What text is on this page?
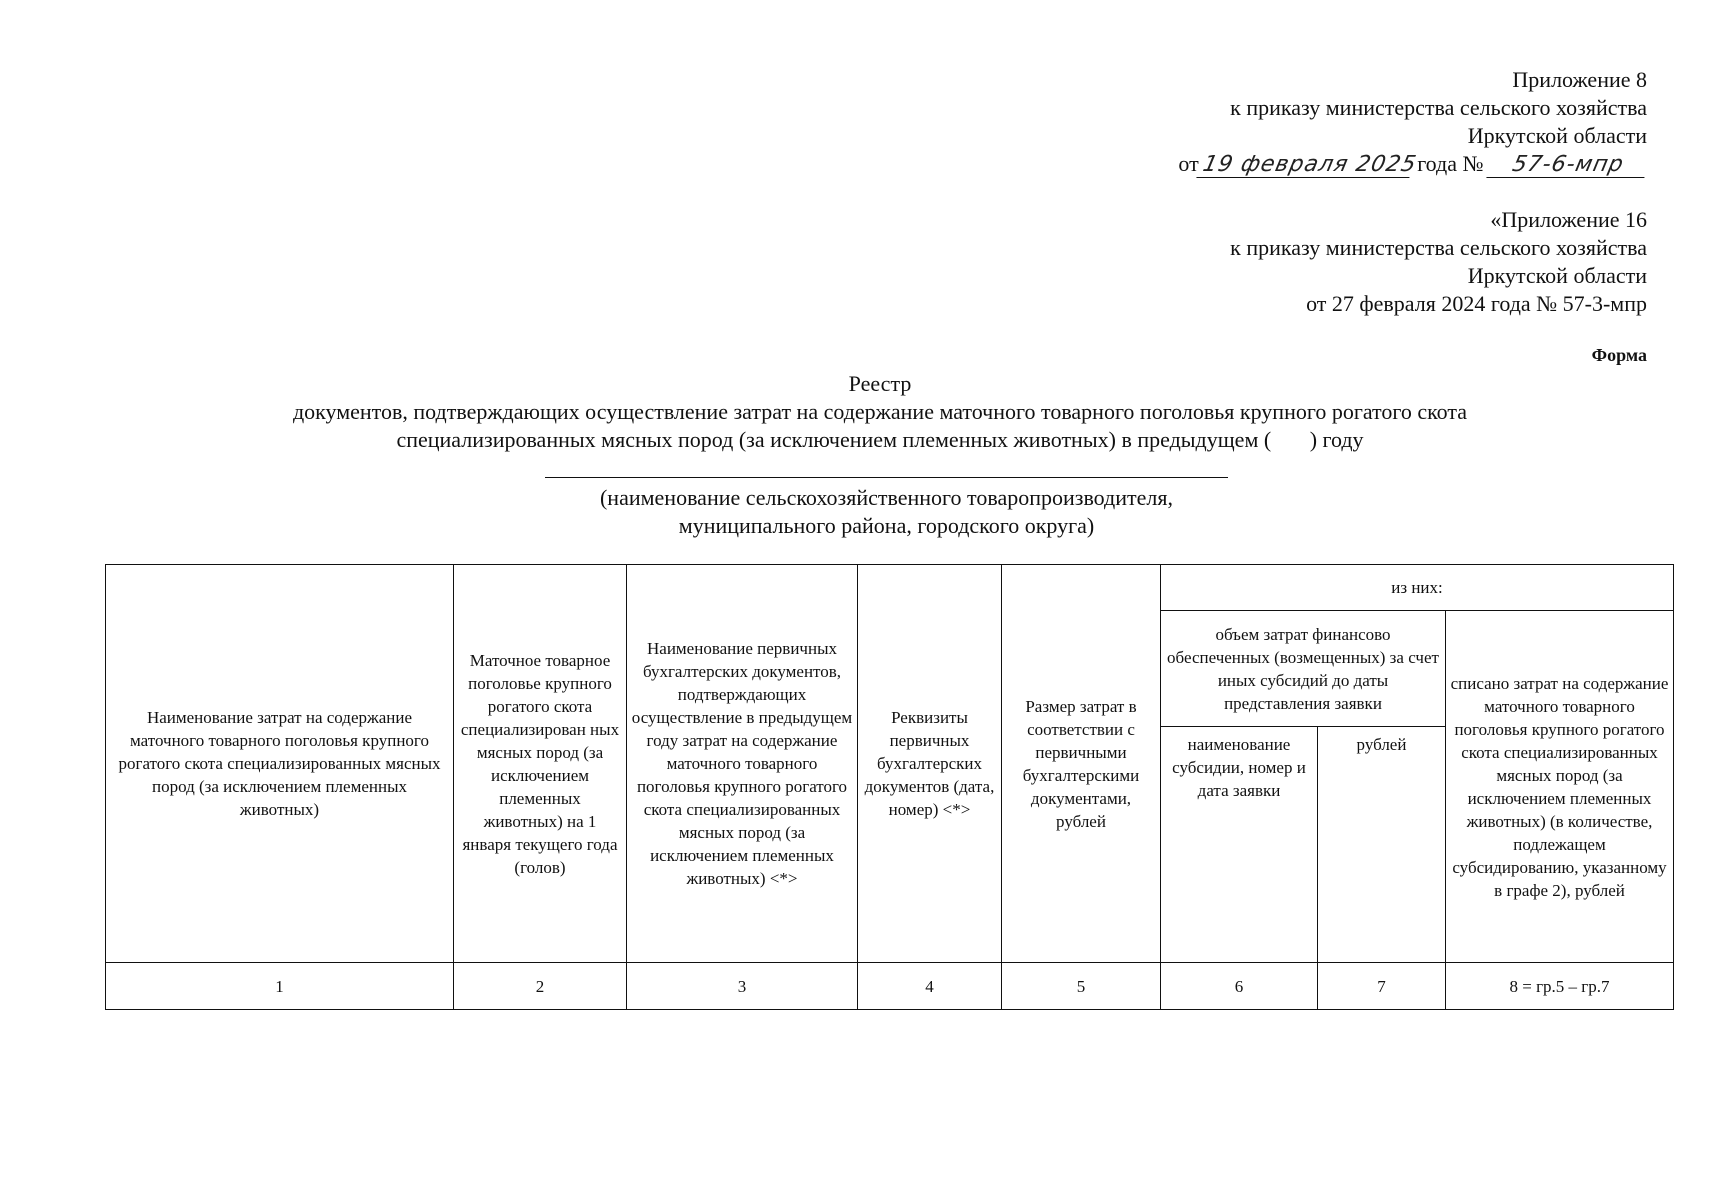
Приложение 8
к приказу министерства сельского хозяйства
Иркутской области
от19 февраля 2025 года № 57-6-мпр
«Приложение 16
к приказу министерства сельского хозяйства
Иркутской области
от 27 февраля 2024 года № 57-3-мпр
Форма
Реестр
документов, подтверждающих осуществление затрат на содержание маточного товарного поголовья крупного рогатого скота
специализированных мясных пород (за исключением племенных животных) в предыдущем (       ) году
(наименование сельскохозяйственного товаропроизводителя,
муниципального района, городского округа)
Наименование затрат на содержание маточного товарного поголовья крупного рогатого скота специализированных мясных пород (за исключением племенных животных)	Маточное товарное поголовье крупного рогатого скота специализирован ных мясных пород (за исключением племенных животных) на 1 января текущего года (голов)	Наименование первичных бухгалтерских документов, подтверждающих осуществление в предыдущем году затрат на содержание маточного товарного поголовья крупного рогатого скота специализированных мясных пород (за исключением племенных животных) <*>	Реквизиты первичных бухгалтерских документов (дата, номер) <*>	Размер затрат в соответствии с первичными бухгалтерскими документами, рублей	из них:		
					объем затрат финансово обеспеченных (возмещенных) за счет иных субсидий до даты представления заявки		списано затрат на содержание маточного товарного поголовья крупного рогатого скота специализированных мясных пород (за исключением племенных животных) (в количестве, подлежащем субсидированию, указанному в графе 2), рублей
					наименование субсидии, номер и дата заявки	рублей	
1	2	3	4	5	6	7	8 = гр.5 – гр.7
